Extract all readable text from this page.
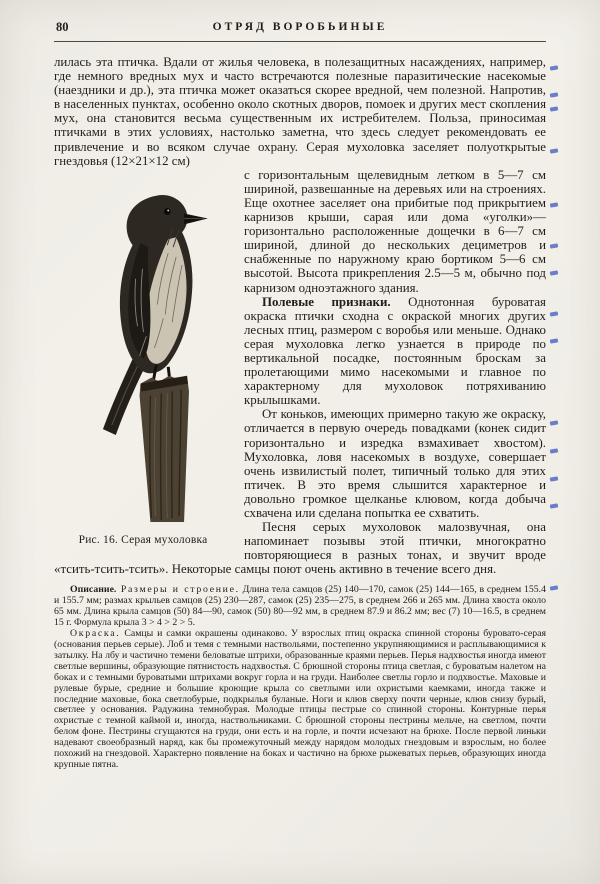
80	ОТРЯД ВОРОБЬИНЫЕ

лилась эта птичка. Вдали от жилья человека, в полезащитных насаждениях, например, где немного вредных мух и часто встречаются полезные паразитические насекомые (наездники и др.), эта птичка может оказаться скорее вредной, чем полезной. Напротив, в населенных пунктах, особенно около скотных дворов, помоек и других мест скопления мух, она становится весьма существенным их истребителем. Польза, приносимая птичками в этих условиях, настолько заметна, что здесь следует рекомендовать ее привлечение и во всяком случае охрану. Серая мухоловка заселяет полуоткрытые гнездовья (12×21×12 см)

Рис. 16. Серая мухоловка

с горизонтальным щелевидным летком в 5—7 см шириной, развешанные на деревьях или на строениях. Еще охотнее заселяет она прибитые под прикрытием карнизов крыши, сарая или дома «уголки»—горизонтально расположенные дощечки в 6—7 см шириной, длиной до нескольких дециметров и снабженные по наружному краю бортиком 5—6 см высотой. Высота прикрепления 2.5—5 м, обычно под карнизом одноэтажного здания.

Полевые признаки. Однотонная буроватая окраска птички сходна с окраской многих других лесных птиц, размером с воробья или меньше. Однако серая мухоловка легко узнается в природе по вертикальной посадке, постоянным броскам за пролетающими мимо насекомыми и главное по характерному для мухоловок потряхиванию крылышками.

От коньков, имеющих примерно такую же окраску, отличается в первую очередь повадками (конек сидит горизонтально и изредка взмахивает хвостом). Мухоловка, ловя насекомых в воздухе, совершает очень извилистый полет, типичный только для этих птичек. В это время слышится характерное и довольно громкое щелканье клювом, когда добыча схвачена или сделана попытка ее схватить.

Песня серых мухоловок малозвучная, она напоминает позывы этой птички, многократно повторяющиеся в разных тонах, и звучит вроде «тсить-тсить-тсить». Некоторые самцы поют очень активно в течение всего дня.

Описание. Размеры и строение. Длина тела самцов (25) 140—170, самок (25) 144—165, в среднем 155.4 и 155.7 мм; размах крыльев самцов (25) 230—287, самок (25) 235—275, в среднем 266 и 265 мм. Длина хвоста около 65 мм. Длина крыла самцов (50) 84—90, самок (50) 80—92 мм, в среднем 87.9 и 86.2 мм; вес (7) 10—16.5, в среднем 15 г. Формула крыла 3 > 4 > 2 > 5.

Окраска. Самцы и самки окрашены одинаково. У взрослых птиц окраска спинной стороны буровато-серая (основания перьев серые). Лоб и темя с темными наствольями, постепенно укрупняющимися и расплывающимися к затылку. На лбу и частично темени беловатые штрихи, образованные краями перьев. Перья надхвостья иногда имеют светлые вершины, образующие пятнистость надхвостья. С брюшной стороны птица светлая, с буроватым налетом на боках и с темными буроватыми штрихами вокруг горла и на груди. Наиболее светлы горло и подхвостье. Маховые и рулевые бурые, средние и большие кроющие крыла со светлыми или охристыми каемками, иногда также и последние маховые, бока светлобурые, подкрылья буланые. Ноги и клюв сверху почти черные, клюв снизу бурый, светлее у основания. Радужина темнобурая. Молодые птицы пестрые со спинной стороны. Контурные перья охристые с темной каймой и, иногда, наствольниками. С брюшной стороны пестрины мельче, на светлом, почти белом фоне. Пестрины сгущаются на груди, они есть и на горле, и почти исчезают на брюхе. После первой линьки надевают своеобразный наряд, как бы промежуточный между нарядом молодых гнездовым и взрослым, но более похожий на гнездовой. Характерно появление на боках и частично на брюхе рыжеватых перьев, образующих иногда крупные пятна.
